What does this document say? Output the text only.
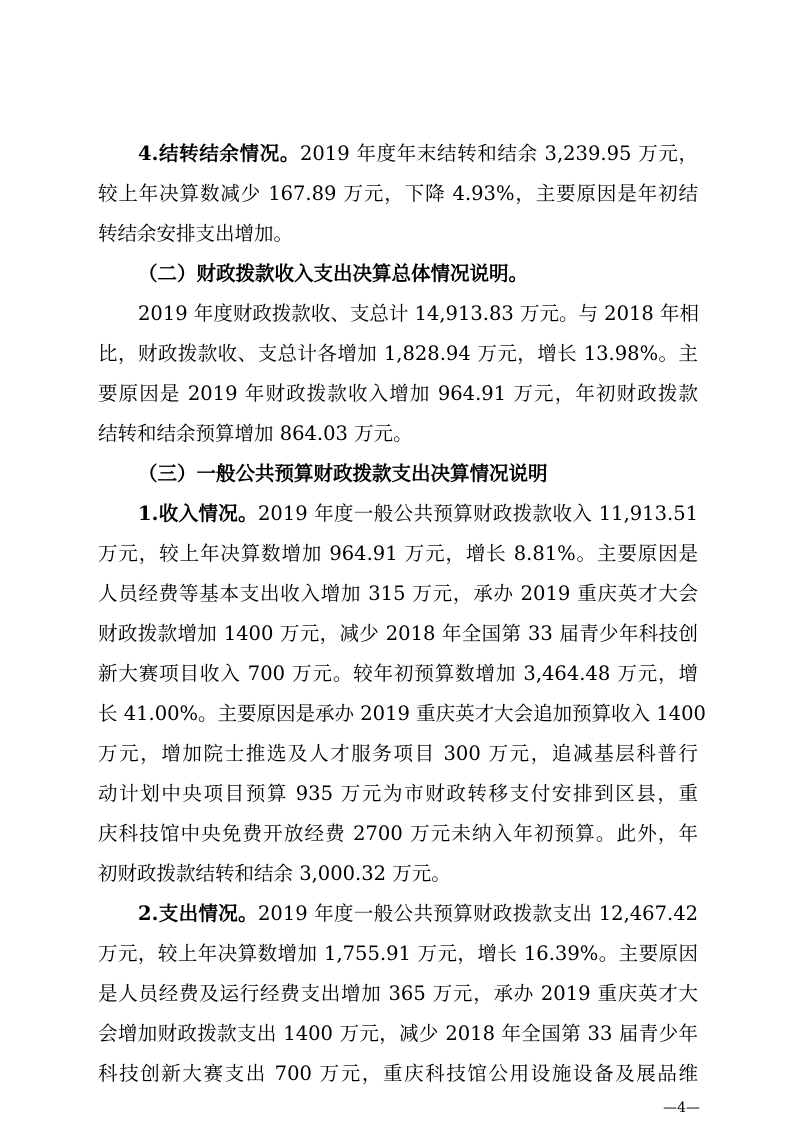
4.结转结余情况。2019 年度年末结转和结余 3,239.95 万元，
较上年决算数减少 167.89 万元，下降 4.93%，主要原因是年初结
转结余安排支出增加。
（二）财政拨款收入支出决算总体情况说明。
2019 年度财政拨款收、支总计 14,913.83 万元。与 2018 年相
比，财政拨款收、支总计各增加 1,828.94 万元，增长 13.98%。主
要原因是 2019 年财政拨款收入增加 964.91 万元，年初财政拨款
结转和结余预算增加 864.03 万元。
（三）一般公共预算财政拨款支出决算情况说明
1.收入情况。2019 年度一般公共预算财政拨款收入 11,913.51
万元，较上年决算数增加 964.91 万元，增长 8.81%。主要原因是
人员经费等基本支出收入增加 315 万元，承办 2019 重庆英才大会
财政拨款增加 1400 万元，减少 2018 年全国第 33 届青少年科技创
新大赛项目收入 700 万元。较年初预算数增加 3,464.48 万元，增
长 41.00%。主要原因是承办 2019 重庆英才大会追加预算收入 1400
万元，增加院士推选及人才服务项目 300 万元，追减基层科普行
动计划中央项目预算 935 万元为市财政转移支付安排到区县，重
庆科技馆中央免费开放经费 2700 万元未纳入年初预算。此外，年
初财政拨款结转和结余 3,000.32 万元。
2.支出情况。2019 年度一般公共预算财政拨款支出 12,467.42
万元，较上年决算数增加 1,755.91 万元，增长 16.39%。主要原因
是人员经费及运行经费支出增加 365 万元，承办 2019 重庆英才大
会增加财政拨款支出 1400 万元，减少 2018 年全国第 33 届青少年
科技创新大赛支出 700 万元，重庆科技馆公用设施设备及展品维
—4—
